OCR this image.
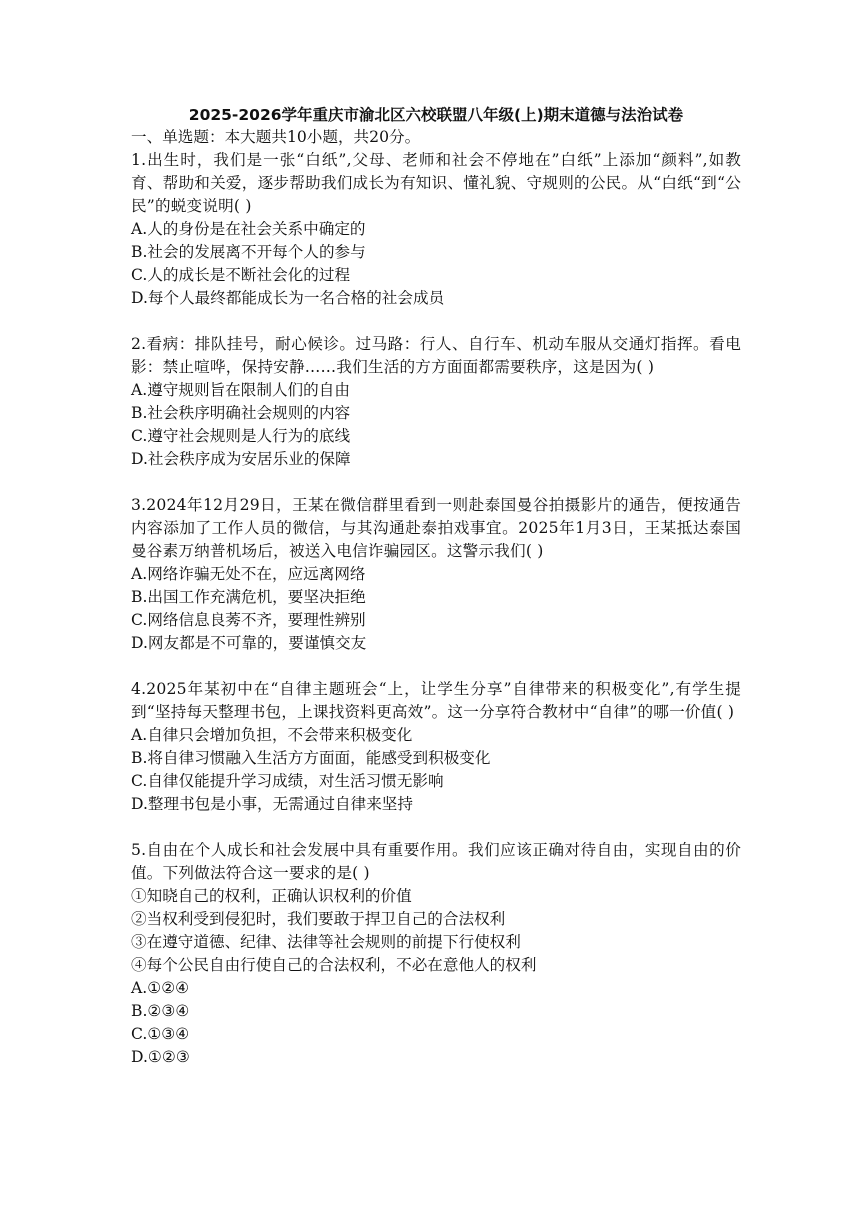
2025-2026学年重庆市渝北区六校联盟八年级(上)期末道德与法治试卷
一、单选题：本大题共10小题，共20分。
1.出生时，我们是一张“白纸”,父母、老师和社会不停地在”白纸”上添加“颜料”,如教育、帮助和关爱，逐步帮助我们成长为有知识、懂礼貌、守规则的公民。从“白纸“到“公民”的蜕变说明( )
A.人的身份是在社会关系中确定的
B.社会的发展离不开每个人的参与
C.人的成长是不断社会化的过程
D.每个人最终都能成长为一名合格的社会成员
2.看病：排队挂号，耐心候诊。过马路：行人、自行车、机动车服从交通灯指挥。看电影：禁止喧哗，保持安静……我们生活的方方面面都需要秩序，这是因为( )
A.遵守规则旨在限制人们的自由
B.社会秩序明确社会规则的内容
C.遵守社会规则是人行为的底线
D.社会秩序成为安居乐业的保障
3.2024年12月29日，王某在微信群里看到一则赴泰国曼谷拍摄影片的通告，便按通告内容添加了工作人员的微信，与其沟通赴泰拍戏事宜。2025年1月3日，王某抵达泰国曼谷素万纳普机场后，被送入电信诈骗园区。这警示我们( )
A.网络诈骗无处不在，应远离网络
B.出国工作充满危机，要坚决拒绝
C.网络信息良莠不齐，要理性辨别
D.网友都是不可靠的，要谨慎交友
4.2025年某初中在“自律主题班会“上，让学生分享”自律带来的积极变化”,有学生提到“坚持每天整理书包，上课找资料更高效”。这一分享符合教材中“自律”的哪一价值( )
A.自律只会增加负担，不会带来积极变化
B.将自律习惯融入生活方方面面，能感受到积极变化
C.自律仅能提升学习成绩，对生活习惯无影响
D.整理书包是小事，无需通过自律来坚持
5.自由在个人成长和社会发展中具有重要作用。我们应该正确对待自由，实现自由的价值。下列做法符合这一要求的是( )
①知晓自己的权利，正确认识权利的价值
②当权利受到侵犯时，我们要敢于捍卫自己的合法权利
③在遵守道德、纪律、法律等社会规则的前提下行使权利
④每个公民自由行使自己的合法权利，不必在意他人的权利
A.①②④
B.②③④
C.①③④
D.①②③
